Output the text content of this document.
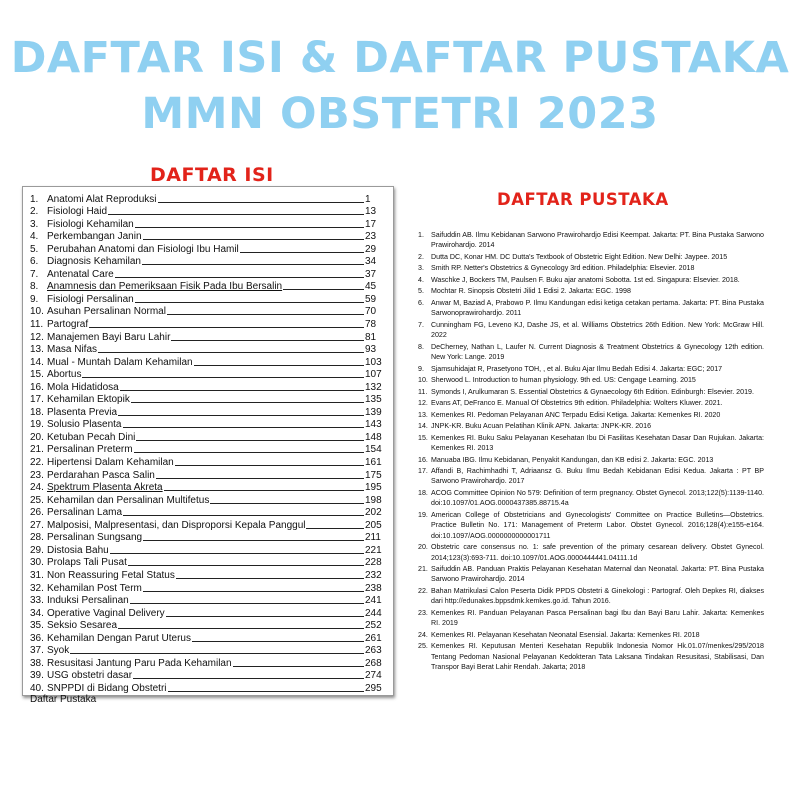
DAFTAR ISI & DAFTAR PUSTAKA
MMN OBSTETRI 2023
DAFTAR ISI
1. Anatomi Alat Reproduksi	1
2. Fisiologi Haid	13
3. Fisiologi Kehamilan	17
4. Perkembangan Janin	23
5. Perubahan Anatomi dan Fisiologi Ibu Hamil	29
6. Diagnosis Kehamilan	34
7. Antenatal Care	37
8. Anamnesis dan Pemeriksaan Fisik Pada Ibu Bersalin	45
9. Fisiologi Persalinan	59
10. Asuhan Persalinan Normal	70
11. Partograf	78
12. Manajemen Bayi Baru Lahir	81
13. Masa Nifas	93
14. Mual - Muntah Dalam Kehamilan	103
15. Abortus	107
16. Mola Hidatidosa	132
17. Kehamilan Ektopik	135
18. Plasenta Previa	139
19. Solusio Plasenta	143
20. Ketuban Pecah Dini	148
21. Persalinan Preterm	154
22. Hipertensi Dalam Kehamilan	161
23. Perdarahan Pasca Salin	175
24. Spektrum Plasenta Akreta	195
25. Kehamilan dan Persalinan Multifetus	198
26. Persalinan Lama	202
27. Malposisi, Malpresentasi, dan Disproporsi Kepala Panggul	205
28. Persalinan Sungsang	211
29. Distosia Bahu	221
30. Prolaps Tali Pusat	228
31. Non Reassuring Fetal Status	232
32. Kehamilan Post Term	238
33. Induksi Persalinan	241
34. Operative Vaginal Delivery	244
35. Seksio Sesarea	252
36. Kehamilan Dengan Parut Uterus	261
37. Syok	263
38. Resusitasi Jantung Paru Pada Kehamilan	268
39. USG obstetri dasar	274
40. SNPPDI di Bidang Obstetri	295
Daftar Pustaka
DAFTAR PUSTAKA
1. Saifuddin AB. Ilmu Kebidanan Sarwono Prawirohardjo Edisi Keempat. Jakarta: PT. Bina Pustaka Sarwono Prawirohardjo. 2014
2. Dutta DC, Konar HM. DC Dutta's Textbook of Obstetric Eight Edition. New Delhi: Jaypee. 2015
3. Smith RP. Netter's Obstetrics & Gynecology 3rd edition. Philadelphia: Elsevier. 2018
4. Waschke J, Bockers TM, Paulsen F. Buku ajar anatomi Sobotta. 1st ed. Singapura: Elsevier. 2018.
5. Mochtar R. Sinopsis Obstetri Jilid 1 Edisi 2. Jakarta: EGC. 1998
6. Anwar M, Baziad A, Prabowo P. Ilmu Kandungan edisi ketiga cetakan pertama. Jakarta: PT. Bina Pustaka Sarwonoprawirohardjo. 2011
7. Cunningham FG, Leveno KJ, Dashe JS, et al. Williams Obstetrics 26th Edition. New York: McGraw Hill. 2022
8. DeCherney, Nathan L, Laufer N. Current Diagnosis & Treatment Obstetrics & Gynecology 12th edition. New York: Lange. 2019
9. Sjamsuhidajat R, Prasetyono TOH, , et al. Buku Ajar Ilmu Bedah Edisi 4. Jakarta: EGC; 2017
10. Sherwood L. Introduction to human physiology. 9th ed. US: Cengage Learning. 2015
11. Symonds I, Arulkumaran S. Essential Obstetrics & Gynaecology 6th Edition. Edinburgh: Elsevier. 2019.
12. Evans AT, DeFranco E. Manual Of Obstetrics 9th edition. Philadelphia: Wolters Kluwer. 2021.
13. Kemenkes RI. Pedoman Pelayanan ANC Terpadu Edisi Ketiga. Jakarta: Kemenkes RI. 2020
14. JNPK-KR. Buku Acuan Pelatihan Klinik APN. Jakarta: JNPK-KR. 2016
15. Kemenkes RI. Buku Saku Pelayanan Kesehatan Ibu Di Fasilitas Kesehatan Dasar Dan Rujukan. Jakarta: Kemenkes RI. 2013
16. Manuaba IBG. Ilmu Kebidanan, Penyakit Kandungan, dan KB edisi 2. Jakarta: EGC. 2013
17. Affandi B, Rachimhadhi T, Adriaansz G. Buku Ilmu Bedah Kebidanan Edisi Kedua. Jakarta : PT BP Sarwono Prawirohardjo. 2017
18. ACOG Committee Opinion No 579: Definition of term pregnancy. Obstet Gynecol. 2013;122(5):1139-1140. doi:10.1097/01.AOG.0000437385.88715.4a
19. American College of Obstetricians and Gynecologists' Committee on Practice Bulletins—Obstetrics. Practice Bulletin No. 171: Management of Preterm Labor. Obstet Gynecol. 2016;128(4):e155-e164. doi:10.1097/AOG.0000000000001711
20. Obstetric care consensus no. 1: safe prevention of the primary cesarean delivery. Obstet Gynecol. 2014;123(3):693-711. doi:10.1097/01.AOG.0000444441.04111.1d
21. Saifuddin AB. Panduan Praktis Pelayanan Kesehatan Maternal dan Neonatal. Jakarta: PT. Bina Pustaka Sarwono Prawirohardjo. 2014
22. Bahan Matrikulasi Calon Peserta Didik PPDS Obstetri & Ginekologi : Partograf. Oleh Depkes RI, diakses dari http://edunakes.bppsdmk.kemkes.go.id. Tahun 2016.
23. Kemenkes RI. Panduan Pelayanan Pasca Persalinan bagi Ibu dan Bayi Baru Lahir. Jakarta: Kemenkes RI. 2019
24. Kemenkes RI. Pelayanan Kesehatan Neonatal Esensial. Jakarta: Kemenkes RI. 2018
25. Kemenkes RI. Keputusan Menteri Kesehatan Republik Indonesia Nomor Hk.01.07/menkes/295/2018 Tentang Pedoman Nasional Pelayanan Kedokteran Tata Laksana Tindakan Resusitasi, Stabilisasi, Dan Transpor Bayi Berat Lahir Rendah. Jakarta; 2018
